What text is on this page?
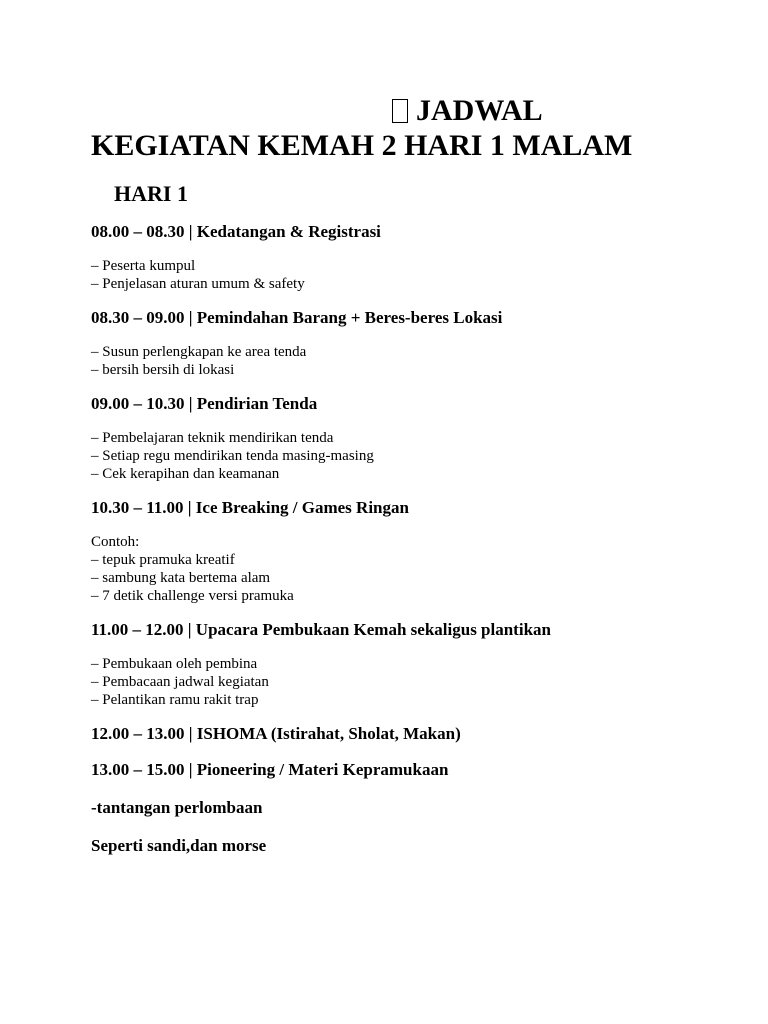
JADWAL
KEGIATAN KEMAH 2 HARI 1 MALAM
HARI 1
08.00 – 08.30 | Kedatangan & Registrasi
– Peserta kumpul
– Penjelasan aturan umum & safety
08.30 – 09.00 | Pemindahan Barang + Beres-beres Lokasi
– Susun perlengkapan ke area tenda
– bersih bersih di lokasi
09.00 – 10.30 | Pendirian Tenda
– Pembelajaran teknik mendirikan tenda
– Setiap regu mendirikan tenda masing-masing
– Cek kerapihan dan keamanan
10.30 – 11.00 | Ice Breaking / Games Ringan
Contoh:
– tepuk pramuka kreatif
– sambung kata bertema alam
– 7 detik challenge versi pramuka
11.00 – 12.00 | Upacara Pembukaan Kemah sekaligus plantikan
– Pembukaan oleh pembina
– Pembacaan jadwal kegiatan
– Pelantikan ramu rakit trap
12.00 – 13.00 | ISHOMA (Istirahat, Sholat, Makan)
13.00 – 15.00 | Pioneering / Materi Kepramukaan
-tantangan perlombaan
Seperti sandi,dan morse
